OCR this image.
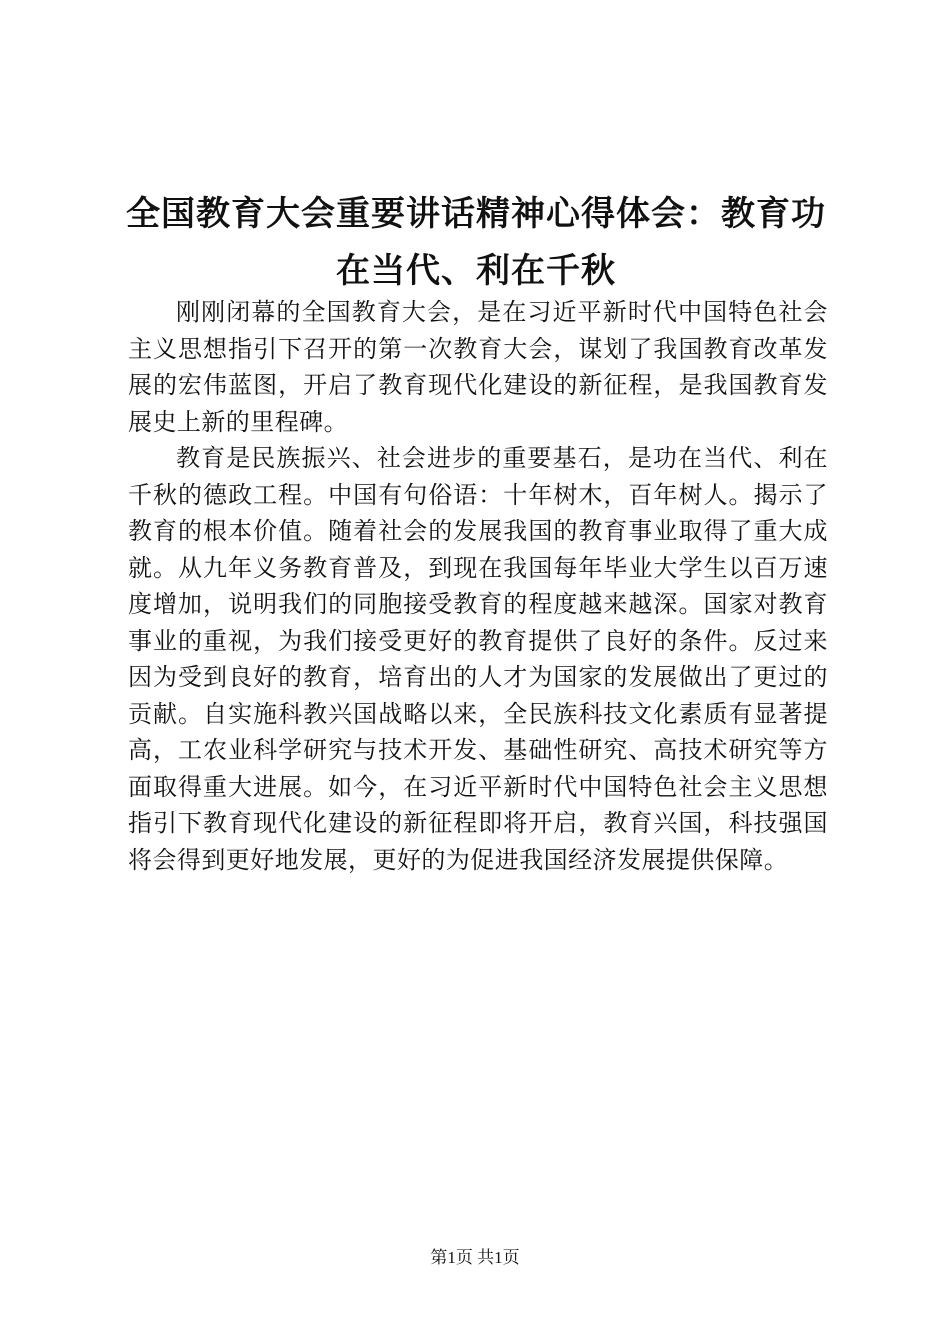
全国教育大会重要讲话精神心得体会：教育功在当代、利在千秋

刚刚闭幕的全国教育大会，是在习近平新时代中国特色社会主义思想指引下召开的第一次教育大会，谋划了我国教育改革发展的宏伟蓝图，开启了教育现代化建设的新征程，是我国教育发展史上新的里程碑。

教育是民族振兴、社会进步的重要基石，是功在当代、利在千秋的德政工程。中国有句俗语：十年树木，百年树人。揭示了教育的根本价值。随着社会的发展我国的教育事业取得了重大成就。从九年义务教育普及，到现在我国每年毕业大学生以百万速度增加，说明我们的同胞接受教育的程度越来越深。国家对教育事业的重视，为我们接受更好的教育提供了良好的条件。反过来因为受到良好的教育，培育出的人才为国家的发展做出了更过的贡献。自实施科教兴国战略以来，全民族科技文化素质有显著提高，工农业科学研究与技术开发、基础性研究、高技术研究等方面取得重大进展。如今，在习近平新时代中国特色社会主义思想指引下教育现代化建设的新征程即将开启，教育兴国，科技强国将会得到更好地发展，更好的为促进我国经济发展提供保障。

第1页 共1页
